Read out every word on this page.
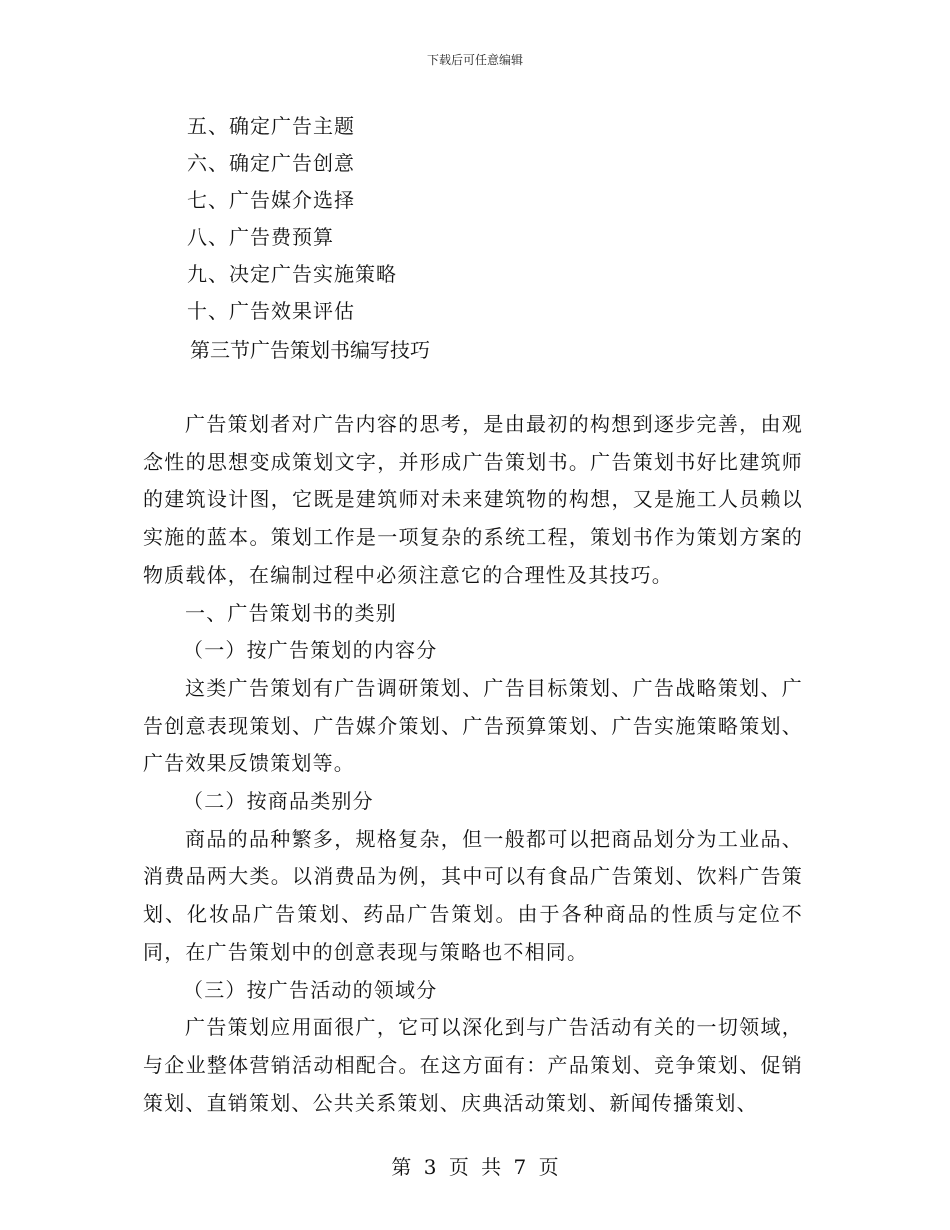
下载后可任意编辑
五、确定广告主题
六、确定广告创意
七、广告媒介选择
八、广告费预算
九、决定广告实施策略
十、广告效果评估
第三节广告策划书编写技巧

广告策划者对广告内容的思考，是由最初的构想到逐步完善，由观念性的思想变成策划文字，并形成广告策划书。广告策划书好比建筑师的建筑设计图，它既是建筑师对未来建筑物的构想，又是施工人员赖以实施的蓝本。策划工作是一项复杂的系统工程，策划书作为策划方案的物质载体，在编制过程中必须注意它的合理性及其技巧。

一、广告策划书的类别

（一）按广告策划的内容分

这类广告策划有广告调研策划、广告目标策划、广告战略策划、广告创意表现策划、广告媒介策划、广告预算策划、广告实施策略策划、广告效果反馈策划等。

（二）按商品类别分

商品的品种繁多，规格复杂，但一般都可以把商品划分为工业品、消费品两大类。以消费品为例，其中可以有食品广告策划、饮料广告策划、化妆品广告策划、药品广告策划。由于各种商品的性质与定位不同，在广告策划中的创意表现与策略也不相同。

（三）按广告活动的领域分

广告策划应用面很广，它可以深化到与广告活动有关的一切领域，与企业整体营销活动相配合。在这方面有：产品策划、竞争策划、促销策划、直销策划、公共关系策划、庆典活动策划、新闻传播策划、

第 3 页 共 7 页
